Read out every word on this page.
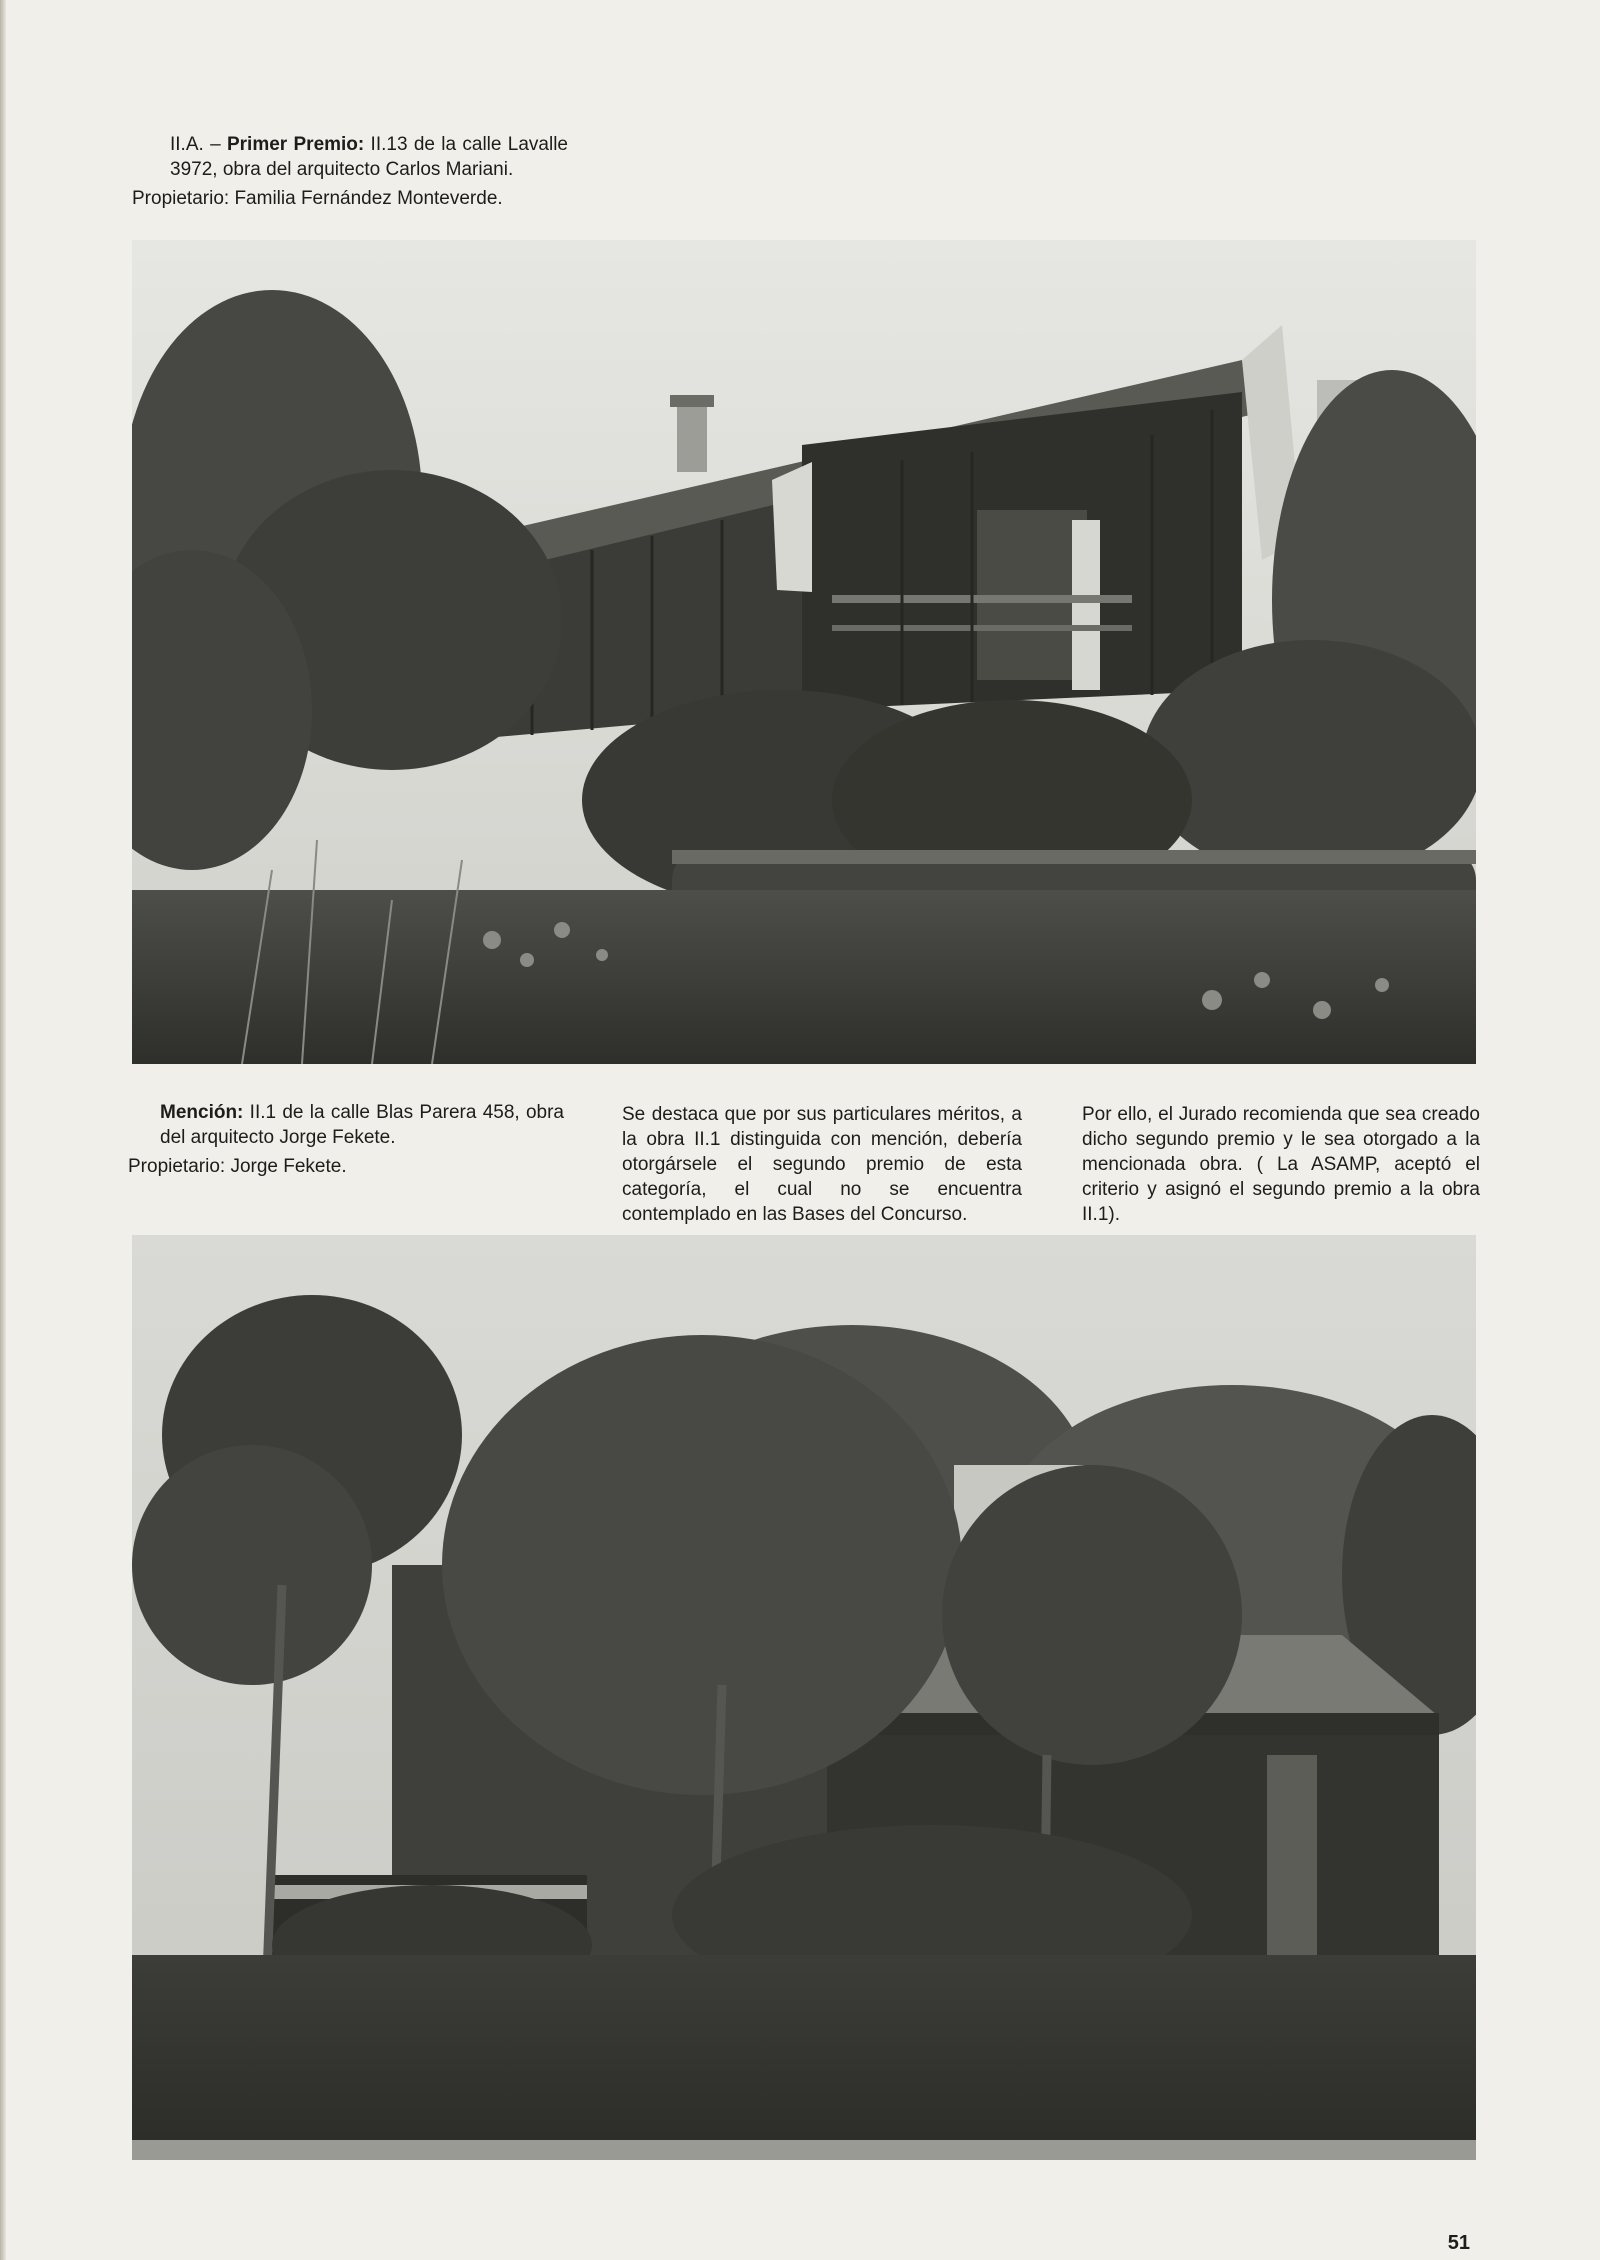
II.A. – Primer Premio: II.13 de la calle Lavalle 3972, obra del arquitecto Carlos Mariani.

Propietario: Familia Fernández Monteverde.

Mención: II.1 de la calle Blas Parera 458, obra del arquitecto Jorge Fekete.

Propietario: Jorge Fekete.

Se destaca que por sus particulares méritos, a la obra II.1 distinguida con mención, debería otorgársele el segundo premio de esta categoría, el cual no se encuentra contemplado en las Bases del Concurso.

Por ello, el Jurado recomienda que sea creado dicho segundo premio y le sea otorgado a la mencionada obra. ( La ASAMP, aceptó el criterio y asignó el segundo premio a la obra II.1).

51
